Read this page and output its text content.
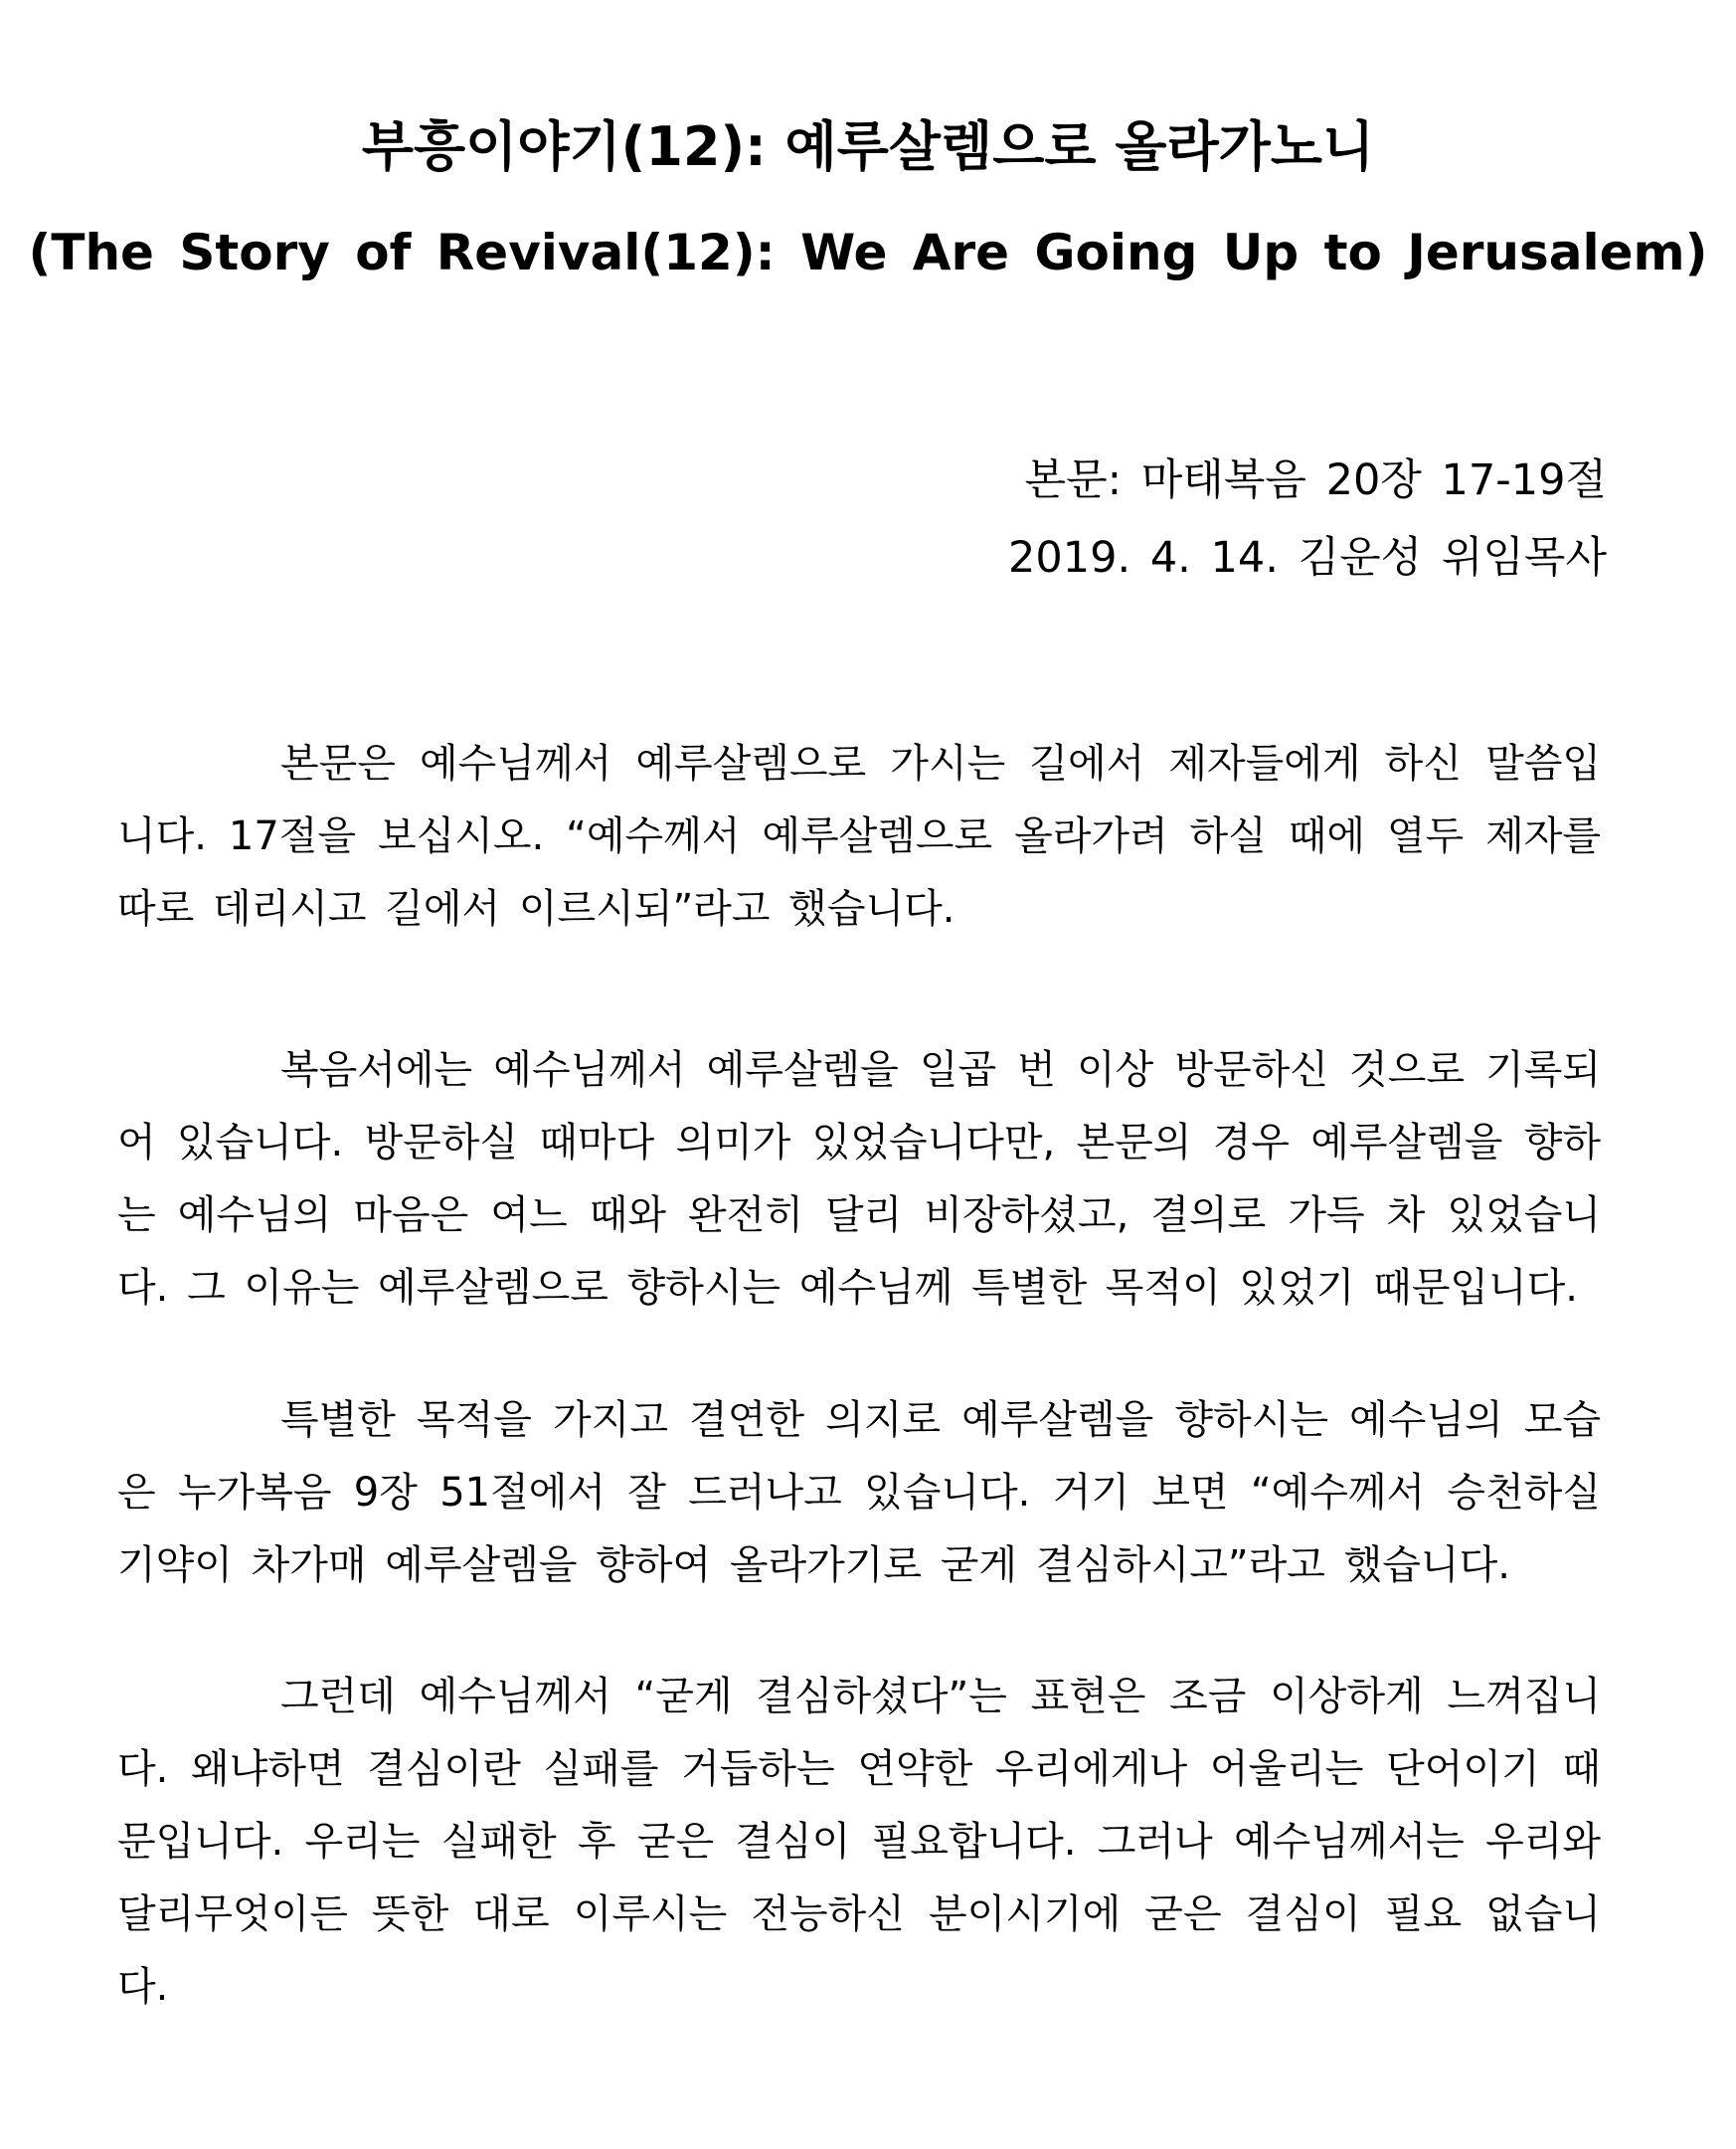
부흥이야기(12): 예루살렘으로 올라가노니
(The Story of Revival(12): We Are Going Up to Jerusalem)
본문: 마태복음 20장 17-19절
2019. 4. 14. 김운성 위임목사

본문은 예수님께서 예루살렘으로 가시는 길에서 제자들에게 하신 말씀입니다. 17절을 보십시오. “예수께서 예루살렘으로 올라가려 하실 때에 열두 제자를 따로 데리시고 길에서 이르시되”라고 했습니다.

복음서에는 예수님께서 예루살렘을 일곱 번 이상 방문하신 것으로 기록되어 있습니다. 방문하실 때마다 의미가 있었습니다만, 본문의 경우 예루살렘을 향하는 예수님의 마음은 여느 때와 완전히 달리 비장하셨고, 결의로 가득 차 있었습니다. 그 이유는 예루살렘으로 향하시는 예수님께 특별한 목적이 있었기 때문입니다.

특별한 목적을 가지고 결연한 의지로 예루살렘을 향하시는 예수님의 모습은 누가복음 9장 51절에서 잘 드러나고 있습니다. 거기 보면 “예수께서 승천하실 기약이 차가매 예루살렘을 향하여 올라가기로 굳게 결심하시고”라고 했습니다.

그런데 예수님께서 “굳게 결심하셨다”는 표현은 조금 이상하게 느껴집니다. 왜냐하면 결심이란 실패를 거듭하는 연약한 우리에게나 어울리는 단어이기 때문입니다. 우리는 실패한 후 굳은 결심이 필요합니다. 그러나 예수님께서는 우리와 달리무엇이든 뜻한 대로 이루시는 전능하신 분이시기에 굳은 결심이 필요 없습니다.
